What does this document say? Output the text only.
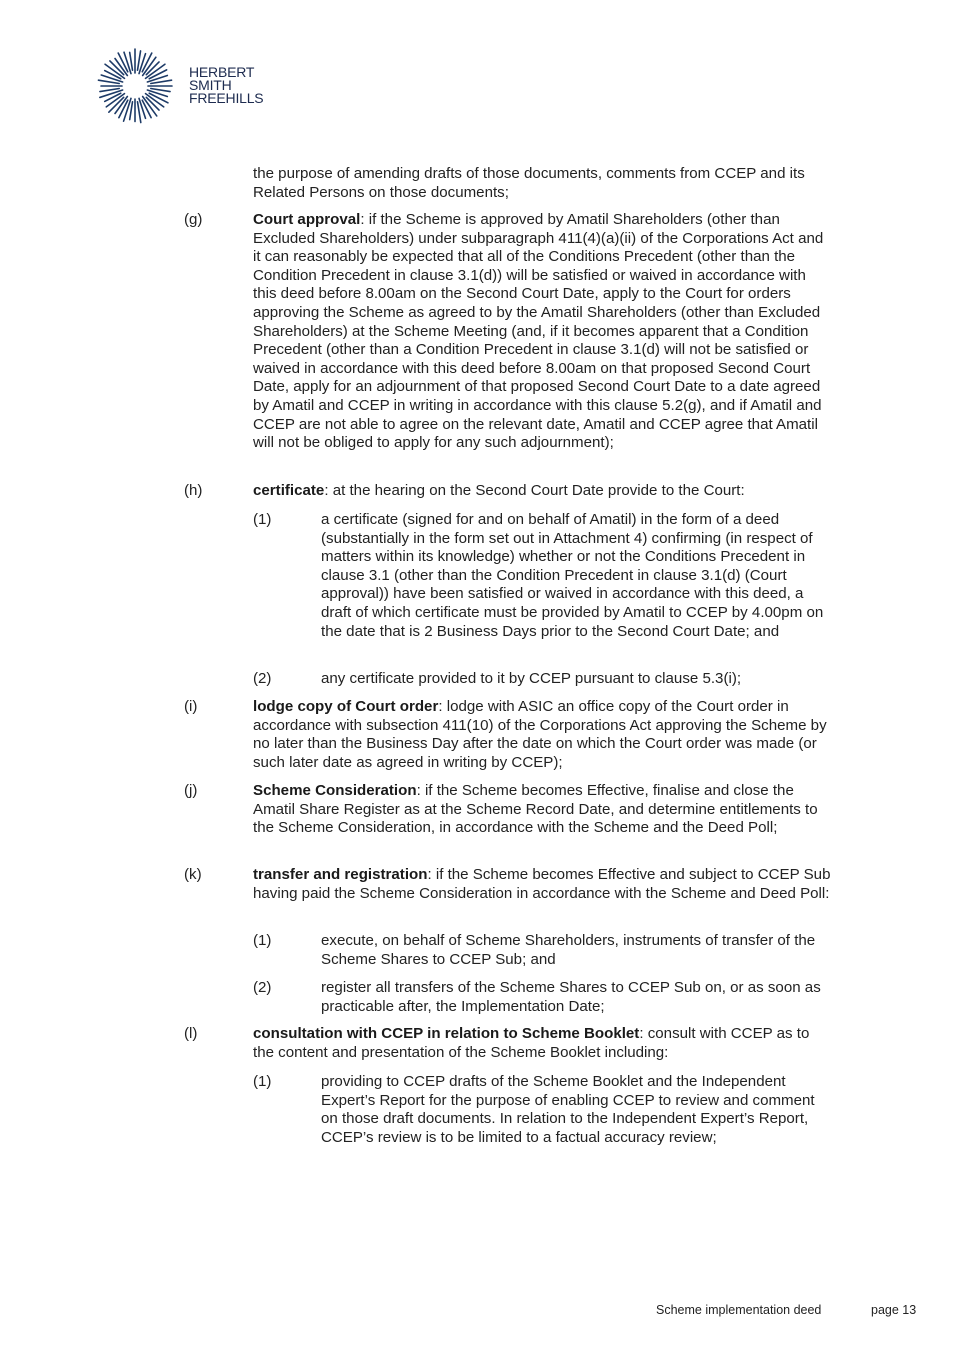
HERBERT
SMITH
FREEHILLS
the purpose of amending drafts of those documents, comments from CCEP and its Related Persons on those documents;
(g)	Court approval: if the Scheme is approved by Amatil Shareholders (other than Excluded Shareholders) under subparagraph 411(4)(a)(ii) of the Corporations Act and it can reasonably be expected that all of the Conditions Precedent (other than the Condition Precedent in clause 3.1(d)) will be satisfied or waived in accordance with this deed before 8.00am on the Second Court Date, apply to the Court for orders approving the Scheme as agreed to by the Amatil Shareholders (other than Excluded Shareholders) at the Scheme Meeting (and, if it becomes apparent that a Condition Precedent (other than a Condition Precedent in clause 3.1(d) will not be satisfied or waived in accordance with this deed before 8.00am on that proposed Second Court Date, apply for an adjournment of that proposed Second Court Date to a date agreed by Amatil and CCEP in writing in accordance with this clause 5.2(g), and if Amatil and CCEP are not able to agree on the relevant date, Amatil and CCEP agree that Amatil will not be obliged to apply for any such adjournment);
(h)	certificate: at the hearing on the Second Court Date provide to the Court:
(1)	a certificate (signed for and on behalf of Amatil) in the form of a deed (substantially in the form set out in Attachment 4) confirming (in respect of matters within its knowledge) whether or not the Conditions Precedent in clause 3.1 (other than the Condition Precedent in clause 3.1(d) (Court approval)) have been satisfied or waived in accordance with this deed, a draft of which certificate must be provided by Amatil to CCEP by 4.00pm on the date that is 2 Business Days prior to the Second Court Date; and
(2)	any certificate provided to it by CCEP pursuant to clause 5.3(i);
(i)	lodge copy of Court order: lodge with ASIC an office copy of the Court order in accordance with subsection 411(10) of the Corporations Act approving the Scheme by no later than the Business Day after the date on which the Court order was made (or such later date as agreed in writing by CCEP);
(j)	Scheme Consideration: if the Scheme becomes Effective, finalise and close the Amatil Share Register as at the Scheme Record Date, and determine entitlements to the Scheme Consideration, in accordance with the Scheme and the Deed Poll;
(k)	transfer and registration: if the Scheme becomes Effective and subject to CCEP Sub having paid the Scheme Consideration in accordance with the Scheme and Deed Poll:
(1)	execute, on behalf of Scheme Shareholders, instruments of transfer of the Scheme Shares to CCEP Sub; and
(2)	register all transfers of the Scheme Shares to CCEP Sub on, or as soon as practicable after, the Implementation Date;
(l)	consultation with CCEP in relation to Scheme Booklet: consult with CCEP as to the content and presentation of the Scheme Booklet including:
(1)	providing to CCEP drafts of the Scheme Booklet and the Independent Expert’s Report for the purpose of enabling CCEP to review and comment on those draft documents. In relation to the Independent Expert’s Report, CCEP’s review is to be limited to a factual accuracy review;
Scheme implementation deed	page 13
